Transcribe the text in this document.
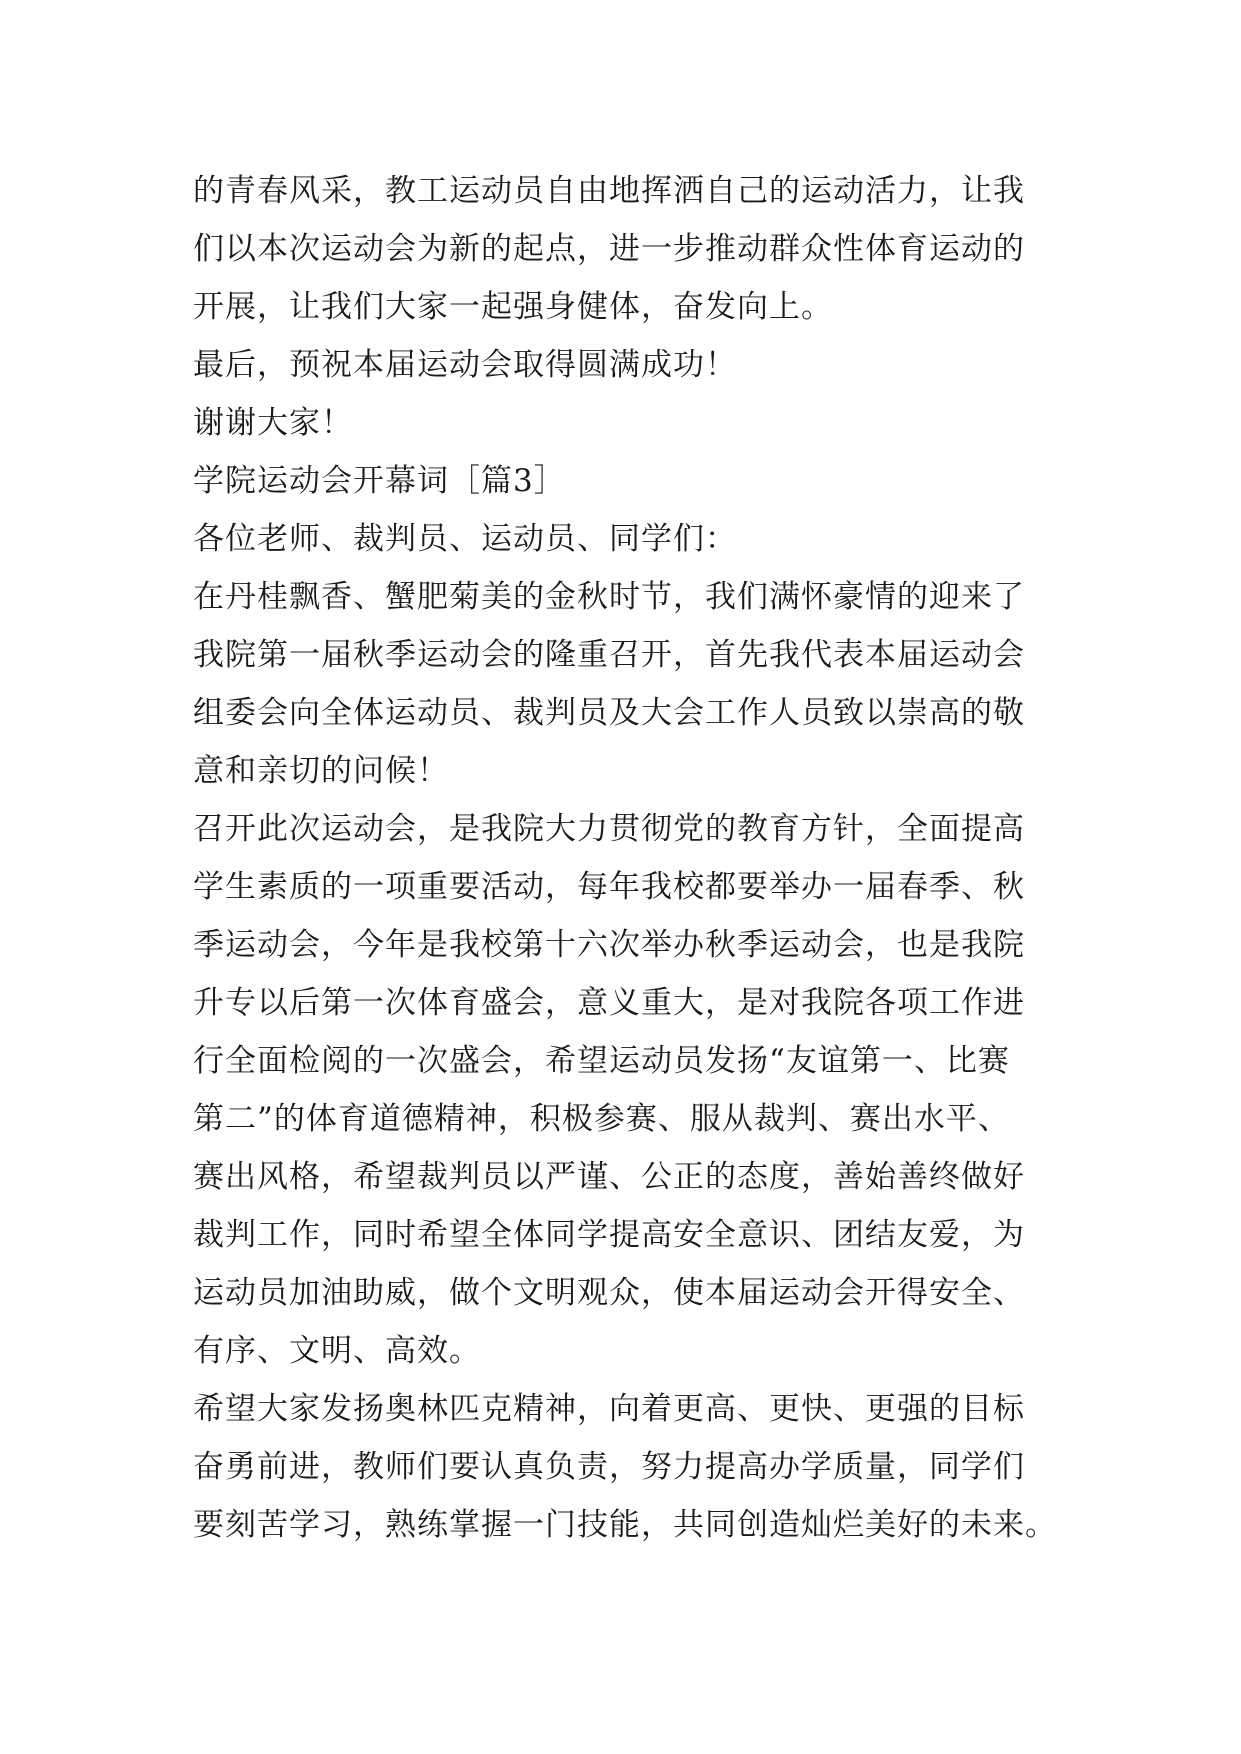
的青春风采，教工运动员自由地挥洒自己的运动活力，让我
们以本次运动会为新的起点，进一步推动群众性体育运动的
开展，让我们大家一起强身健体，奋发向上。
最后，预祝本届运动会取得圆满成功！
谢谢大家！
学院运动会开幕词［篇3］
各位老师、裁判员、运动员、同学们：
在丹桂飘香、蟹肥菊美的金秋时节，我们满怀豪情的迎来了
我院第一届秋季运动会的隆重召开，首先我代表本届运动会
组委会向全体运动员、裁判员及大会工作人员致以崇高的敬
意和亲切的问候！
召开此次运动会，是我院大力贯彻党的教育方针，全面提高
学生素质的一项重要活动，每年我校都要举办一届春季、秋
季运动会，今年是我校第十六次举办秋季运动会，也是我院
升专以后第一次体育盛会，意义重大，是对我院各项工作进
行全面检阅的一次盛会，希望运动员发扬“友谊第一、比赛
第二”的体育道德精神，积极参赛、服从裁判、赛出水平、
赛出风格，希望裁判员以严谨、公正的态度，善始善终做好
裁判工作，同时希望全体同学提高安全意识、团结友爱，为
运动员加油助威，做个文明观众，使本届运动会开得安全、
有序、文明、高效。
希望大家发扬奥林匹克精神，向着更高、更快、更强的目标
奋勇前进，教师们要认真负责，努力提高办学质量，同学们
要刻苦学习，熟练掌握一门技能，共同创造灿烂美好的未来。
